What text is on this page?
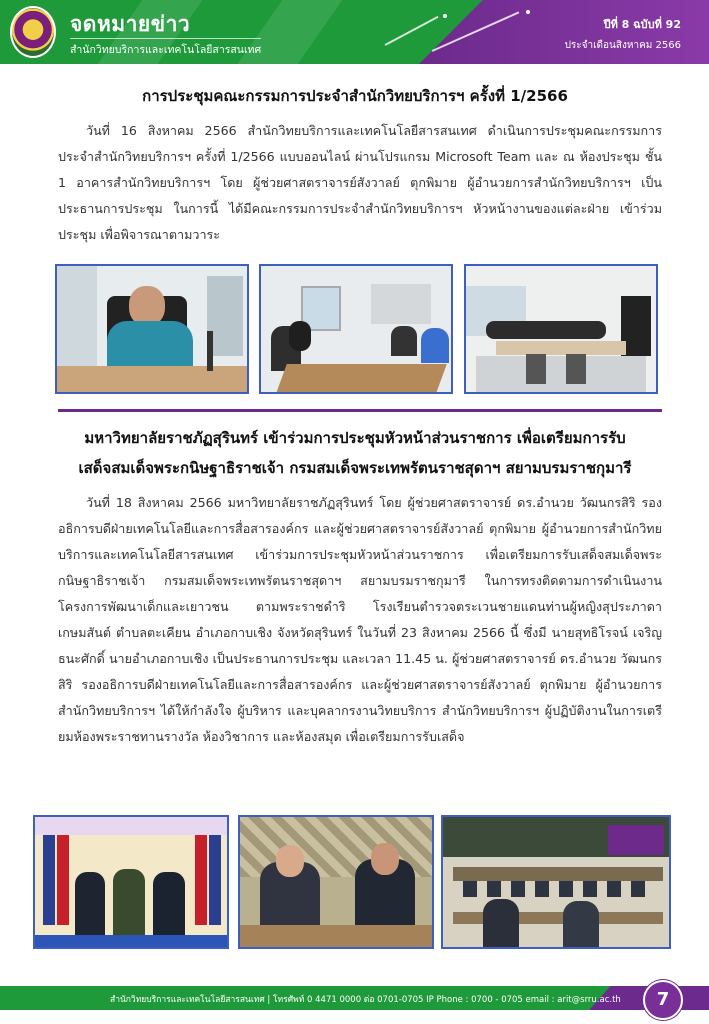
จดหมายข่าว
สำนักวิทยบริการและเทคโนโลยีสารสนเทศ
ปีที่ 8 ฉบับที่ 92
ประจำเดือนสิงหาคม 2566
การประชุมคณะกรรมการประจำสำนักวิทยบริการฯ ครั้งที่ 1/2566

วันที่ 16 สิงหาคม 2566 สำนักวิทยบริการและเทคโนโลยีสารสนเทศ ดำเนินการประชุมคณะกรรมการประจำสำนักวิทยบริการฯ ครั้งที่ 1/2566 แบบออนไลน์ ผ่านโปรแกรม Microsoft Team และ ณ ห้องประชุม ชั้น 1 อาคารสำนักวิทยบริการฯ โดย ผู้ช่วยศาสตราจารย์สังวาลย์ ตุกพิมาย ผู้อำนวยการสำนักวิทยบริการฯ เป็นประธานการประชุม ในการนี้ ได้มีคณะกรรมการประจำสำนักวิทยบริการฯ หัวหน้างานของแต่ละฝ่าย เข้าร่วมประชุม เพื่อพิจารณาตามวาระ

มหาวิทยาลัยราชภัฏสุรินทร์ เข้าร่วมการประชุมหัวหน้าส่วนราชการ เพื่อเตรียมการรับ
เสด็จสมเด็จพระกนิษฐาธิราชเจ้า กรมสมเด็จพระเทพรัตนราชสุดาฯ สยามบรมราชกุมารี

วันที่ 18 สิงหาคม 2566 มหาวิทยาลัยราชภัฏสุรินทร์ โดย ผู้ช่วยศาสตราจารย์ ดร.อำนวย วัฒนกรสิริ รองอธิการบดีฝ่ายเทคโนโลยีและการสื่อสารองค์กร และผู้ช่วยศาสตราจารย์สังวาลย์ ตุกพิมาย ผู้อำนวยการสำนักวิทยบริการและเทคโนโลยีสารสนเทศ เข้าร่วมการประชุมหัวหน้าส่วนราชการ เพื่อเตรียมการรับเสด็จสมเด็จพระกนิษฐาธิราชเจ้า กรมสมเด็จพระเทพรัตนราชสุดาฯ สยามบรมราชกุมารี ในการทรงติดตามการดำเนินงานโครงการพัฒนาเด็กและเยาวชน ตามพระราชดำริ โรงเรียนตำรวจตระเวนชายแดนท่านผู้หญิงสุประภาดา เกษมสันต์ ตำบลตะเคียน อำเภอกาบเชิง จังหวัดสุรินทร์ ในวันที่ 23 สิงหาคม 2566 นี้ ซึ่งมี นายสุทธิโรจน์ เจริญธนะศักดิ์ นายอำเภอกาบเชิง เป็นประธานการประชุม และเวลา 11.45 น. ผู้ช่วยศาสตราจารย์ ดร.อำนวย วัฒนกรสิริ รองอธิการบดีฝ่ายเทคโนโลยีและการสื่อสารองค์กร และผู้ช่วยศาสตราจารย์สังวาลย์ ตุกพิมาย ผู้อำนวยการสำนักวิทยบริการฯ ได้ให้กำลังใจ ผู้บริหาร และบุคลากรงานวิทยบริการ สำนักวิทยบริการฯ ผู้ปฏิบัติงานในการเตรียมห้องพระราชทานรางวัล ห้องวิชาการ และห้องสมุด เพื่อเตรียมการรับเสด็จ

สำนักวิทยบริการและเทคโนโลยีสารสนเทศ | โทรศัพท์ 0 4471 0000 ต่อ 0701-0705 IP Phone : 0700 - 0705 email : arit@srru.ac.th	7
